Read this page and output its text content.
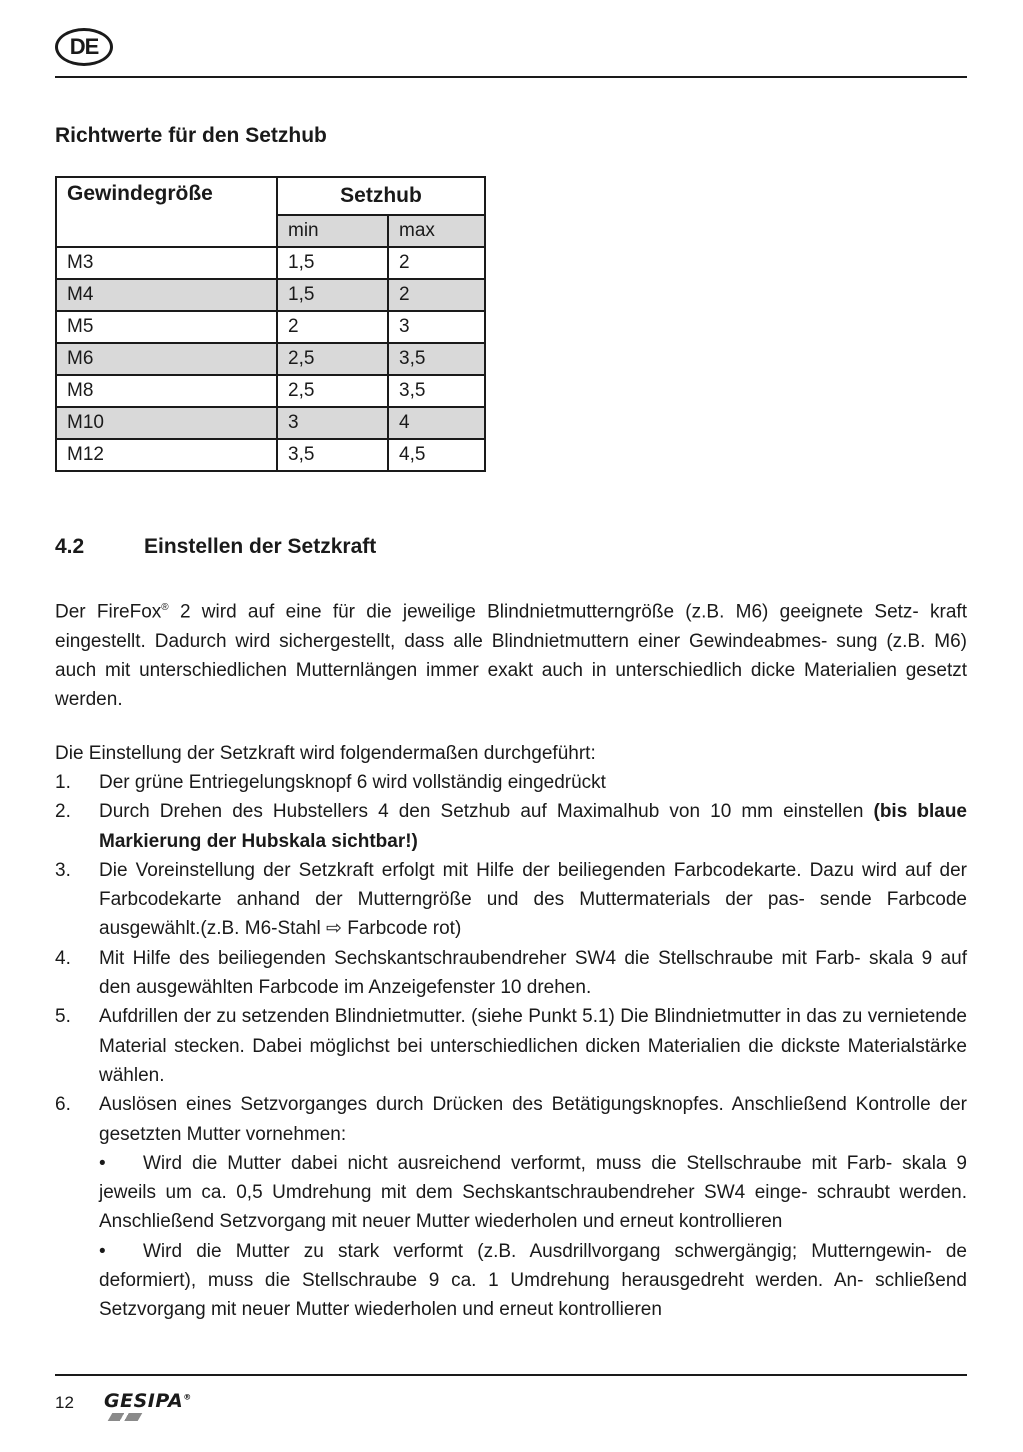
DE
Richtwerte für den Setzhub
Gewindegröße	Setzhub	
	min	max
M3	1,5	2
M4	1,5	2
M5	2	3
M6	2,5	3,5
M8	2,5	3,5
M10	3	4
M12	3,5	4,5
4.2	Einstellen der Setzkraft
Der FireFox® 2 wird auf eine für die jeweilige Blindnietmutterngröße (z.B. M6) geeignete Setz- kraft eingestellt. Dadurch wird sichergestellt, dass alle Blindnietmuttern einer Gewindeabmes- sung (z.B. M6) auch mit unterschiedlichen Mutternlängen immer exakt auch in unterschiedlich dicke Materialien gesetzt werden.
Die Einstellung der Setzkraft wird folgendermaßen durchgeführt:
1. Der grüne Entriegelungsknopf 6 wird vollständig eingedrückt
2. Durch Drehen des Hubstellers 4 den Setzhub auf Maximalhub von 10 mm einstellen (bis blaue Markierung der Hubskala sichtbar!)
3. Die Voreinstellung der Setzkraft erfolgt mit Hilfe der beiliegenden Farbcodekarte. Dazu wird auf der Farbcodekarte anhand der Mutterngröße und des Muttermaterials der pas- sende Farbcode ausgewählt.(z.B. M6-Stahl ⇨ Farbcode rot)
4. Mit Hilfe des beiliegenden Sechskantschraubendreher SW4 die Stellschraube mit Farb- skala 9 auf den ausgewählten Farbcode im Anzeigefenster 10 drehen.
5. Aufdrillen der zu setzenden Blindnietmutter. (siehe Punkt 5.1) Die Blindnietmutter in das zu vernietende Material stecken. Dabei möglichst bei unterschiedlichen dicken Materialien die dickste Materialstärke wählen.
6. Auslösen eines Setzvorganges durch Drücken des Betätigungsknopfes. Anschließend Kontrolle der gesetzten Mutter vornehmen:
• Wird die Mutter dabei nicht ausreichend verformt, muss die Stellschraube mit Farb- skala 9 jeweils um ca. 0,5 Umdrehung mit dem Sechskantschraubendreher SW4 einge- schraubt werden. Anschließend Setzvorgang mit neuer Mutter wiederholen und erneut kontrollieren
• Wird die Mutter zu stark verformt (z.B. Ausdrillvorgang schwergängig; Mutterngewin- de deformiert), muss die Stellschraube 9 ca. 1 Umdrehung herausgedreht werden. An- schließend Setzvorgang mit neuer Mutter wiederholen und erneut kontrollieren
12 GESIPA®
